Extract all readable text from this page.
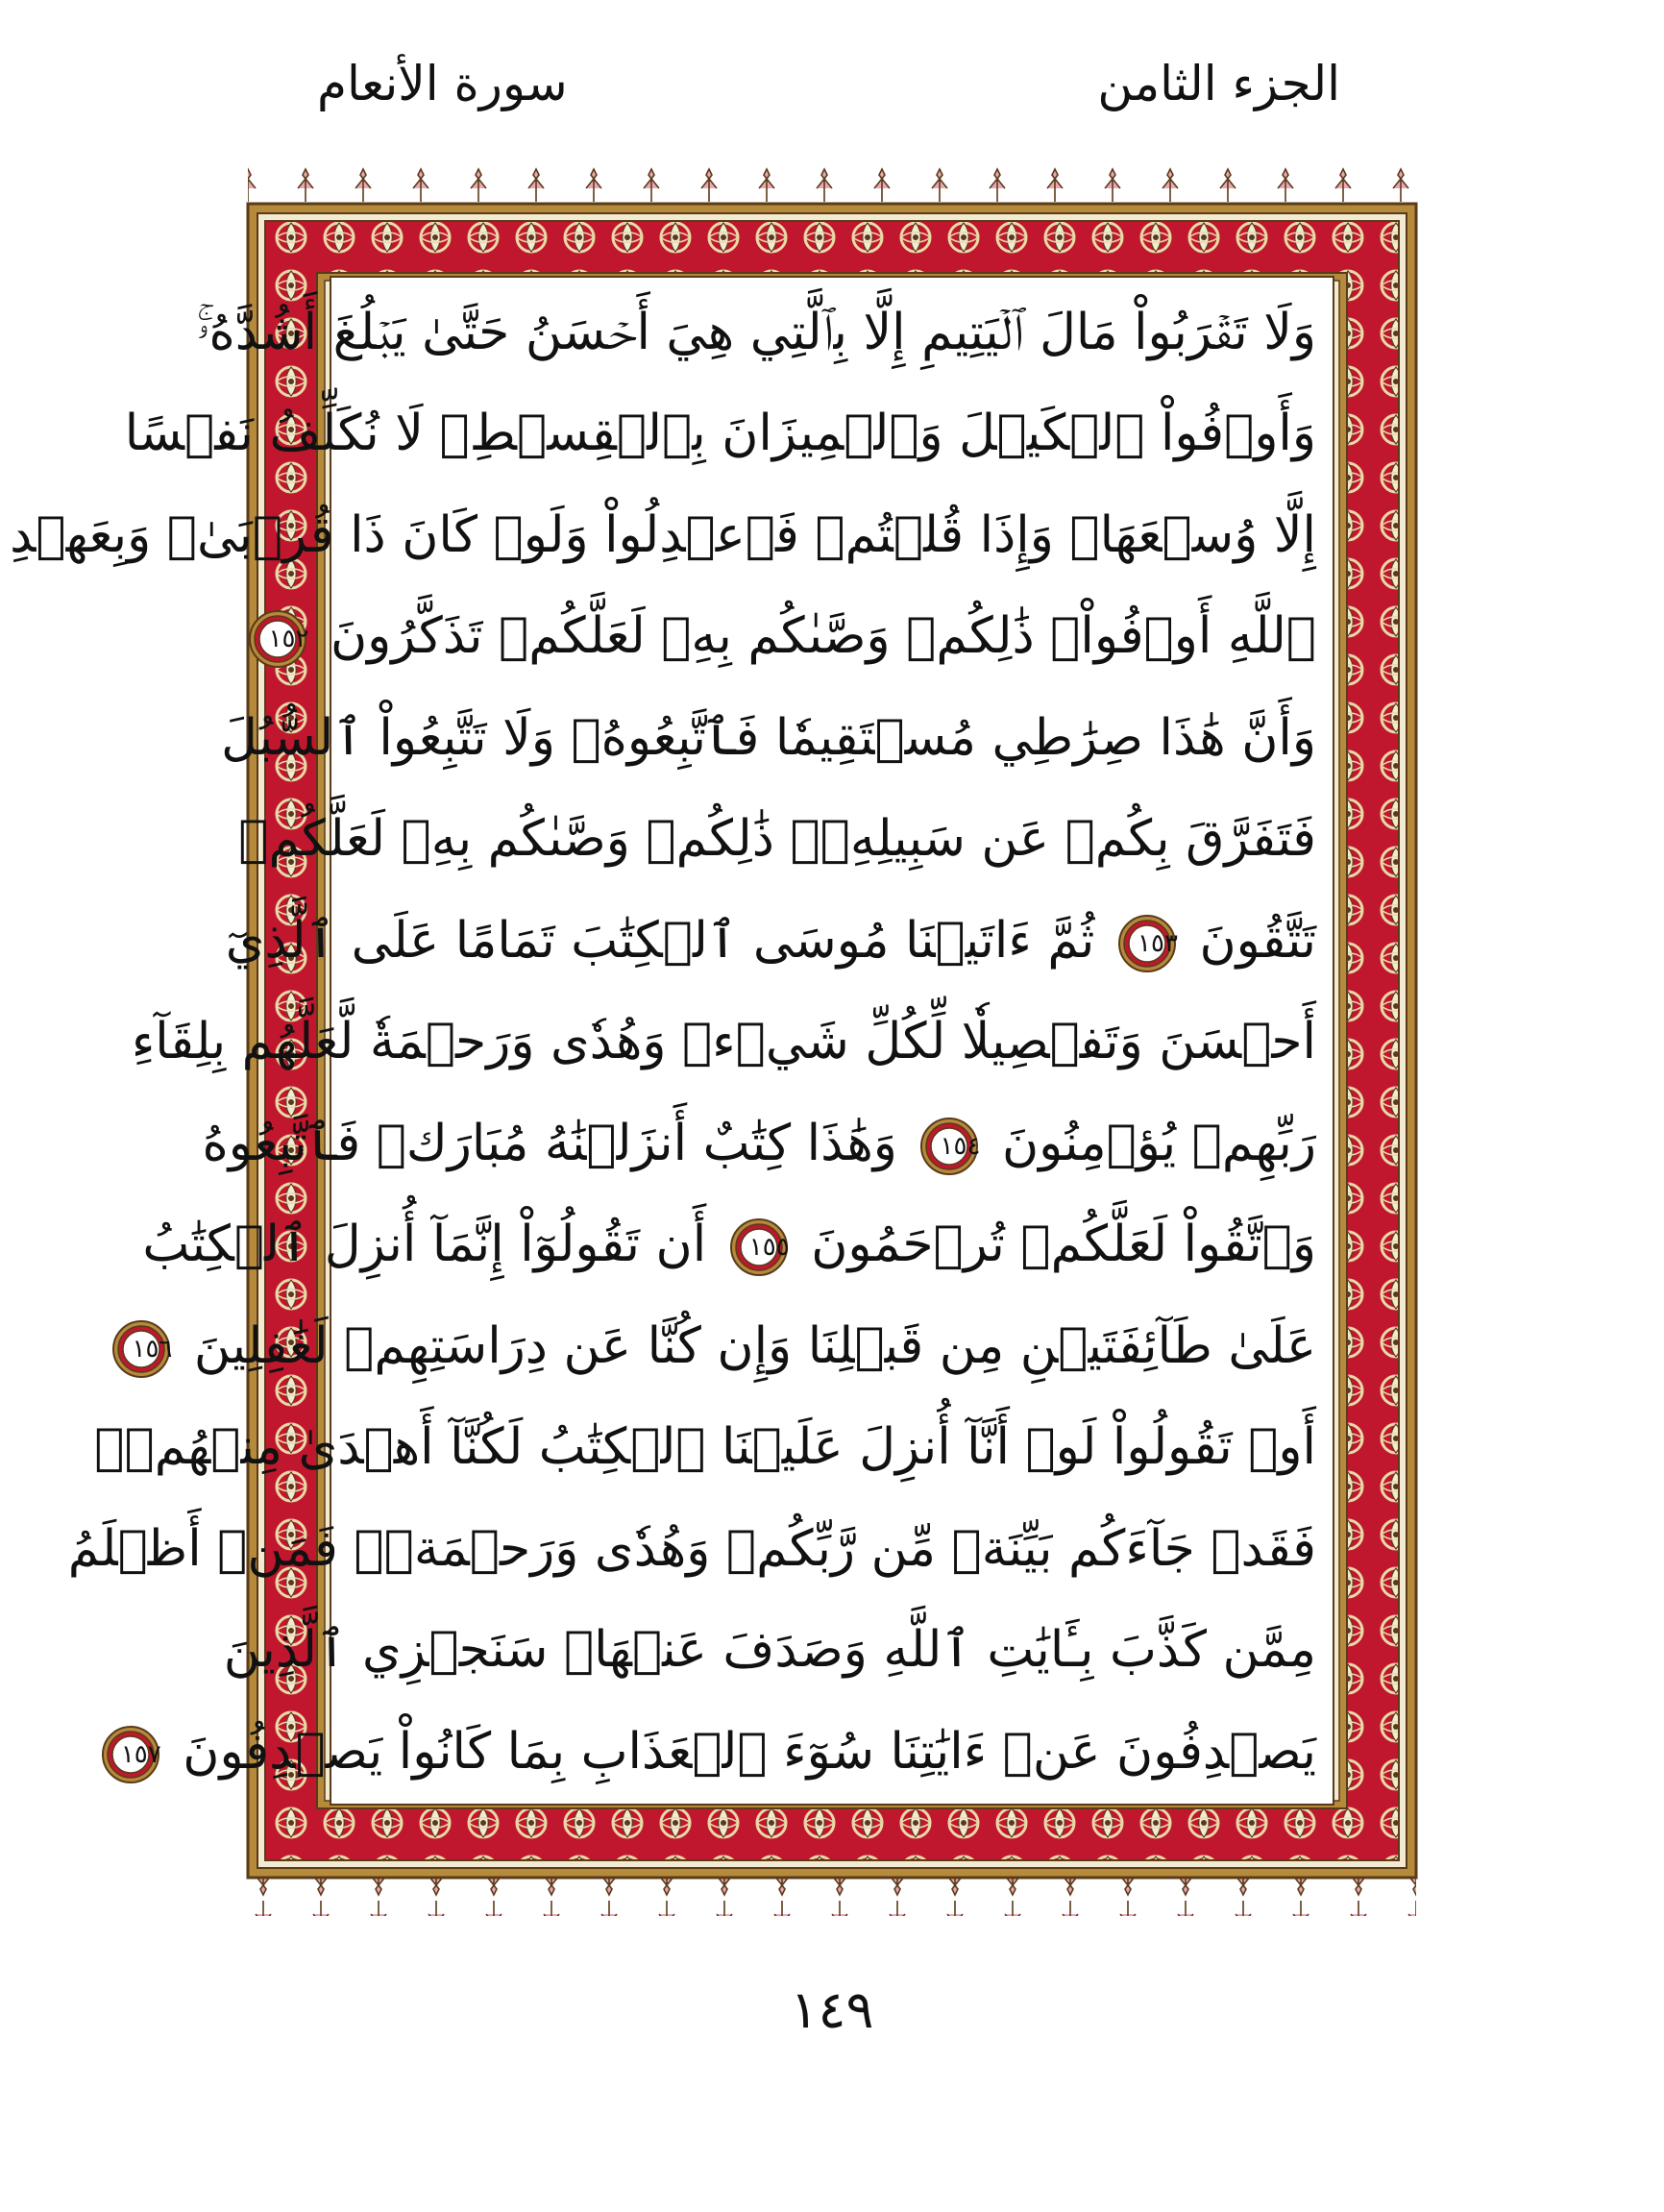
سورة الأنعام	الجزء الثامن
وَلَا تَقۡرَبُواْ مَالَ ٱلۡيَتِيمِ إِلَّا بِٱلَّتِي هِيَ أَحۡسَنُ حَتَّىٰ يَبۡلُغَ أَشُدَّهُۥۚ
وَأَوۡفُواْ ٱلۡكَيۡلَ وَٱلۡمِيزَانَ بِٱلۡقِسۡطِۖ لَا نُكَلِّفُ نَفۡسًا
إِلَّا وُسۡعَهَاۖ وَإِذَا قُلۡتُمۡ فَٱعۡدِلُواْ وَلَوۡ كَانَ ذَا قُرۡبَىٰۖ وَبِعَهۡدِ
ٱللَّهِ أَوۡفُواْۚ ذَٰلِكُمۡ وَصَّىٰكُم بِهِۦ لَعَلَّكُمۡ تَذَكَّرُونَ
١٥٢
وَأَنَّ هَٰذَا صِرَٰطِي مُسۡتَقِيمٗا فَٱتَّبِعُوهُۖ وَلَا تَتَّبِعُواْ ٱلسُّبُلَ
فَتَفَرَّقَ بِكُمۡ عَن سَبِيلِهِۦۚ ذَٰلِكُمۡ وَصَّىٰكُم بِهِۦ لَعَلَّكُمۡ
تَتَّقُونَ
١٥٣
ثُمَّ ءَاتَيۡنَا مُوسَى ٱلۡكِتَٰبَ تَمَامًا عَلَى ٱلَّذِيٓ
أَحۡسَنَ وَتَفۡصِيلٗا لِّكُلِّ شَيۡءٖ وَهُدٗى وَرَحۡمَةٗ لَّعَلَّهُم بِلِقَآءِ
رَبِّهِمۡ يُؤۡمِنُونَ
١٥٤
وَهَٰذَا كِتَٰبٌ أَنزَلۡنَٰهُ مُبَارَكٞ فَٱتَّبِعُوهُ
وَٱتَّقُواْ لَعَلَّكُمۡ تُرۡحَمُونَ
١٥٥
أَن تَقُولُوٓاْ إِنَّمَآ أُنزِلَ ٱلۡكِتَٰبُ
عَلَىٰ طَآئِفَتَيۡنِ مِن قَبۡلِنَا وَإِن كُنَّا عَن دِرَاسَتِهِمۡ لَغَٰفِلِينَ
١٥٦
أَوۡ تَقُولُواْ لَوۡ أَنَّآ أُنزِلَ عَلَيۡنَا ٱلۡكِتَٰبُ لَكُنَّآ أَهۡدَىٰ مِنۡهُمۡۚ
فَقَدۡ جَآءَكُم بَيِّنَةٞ مِّن رَّبِّكُمۡ وَهُدٗى وَرَحۡمَةٞۚ فَمَنۡ أَظۡلَمُ
مِمَّن كَذَّبَ بِـَٔايَٰتِ ٱللَّهِ وَصَدَفَ عَنۡهَاۗ سَنَجۡزِي ٱلَّذِينَ
يَصۡدِفُونَ عَنۡ ءَايَٰتِنَا سُوٓءَ ٱلۡعَذَابِ بِمَا كَانُواْ يَصۡدِفُونَ
١٥٧
١٤٩
